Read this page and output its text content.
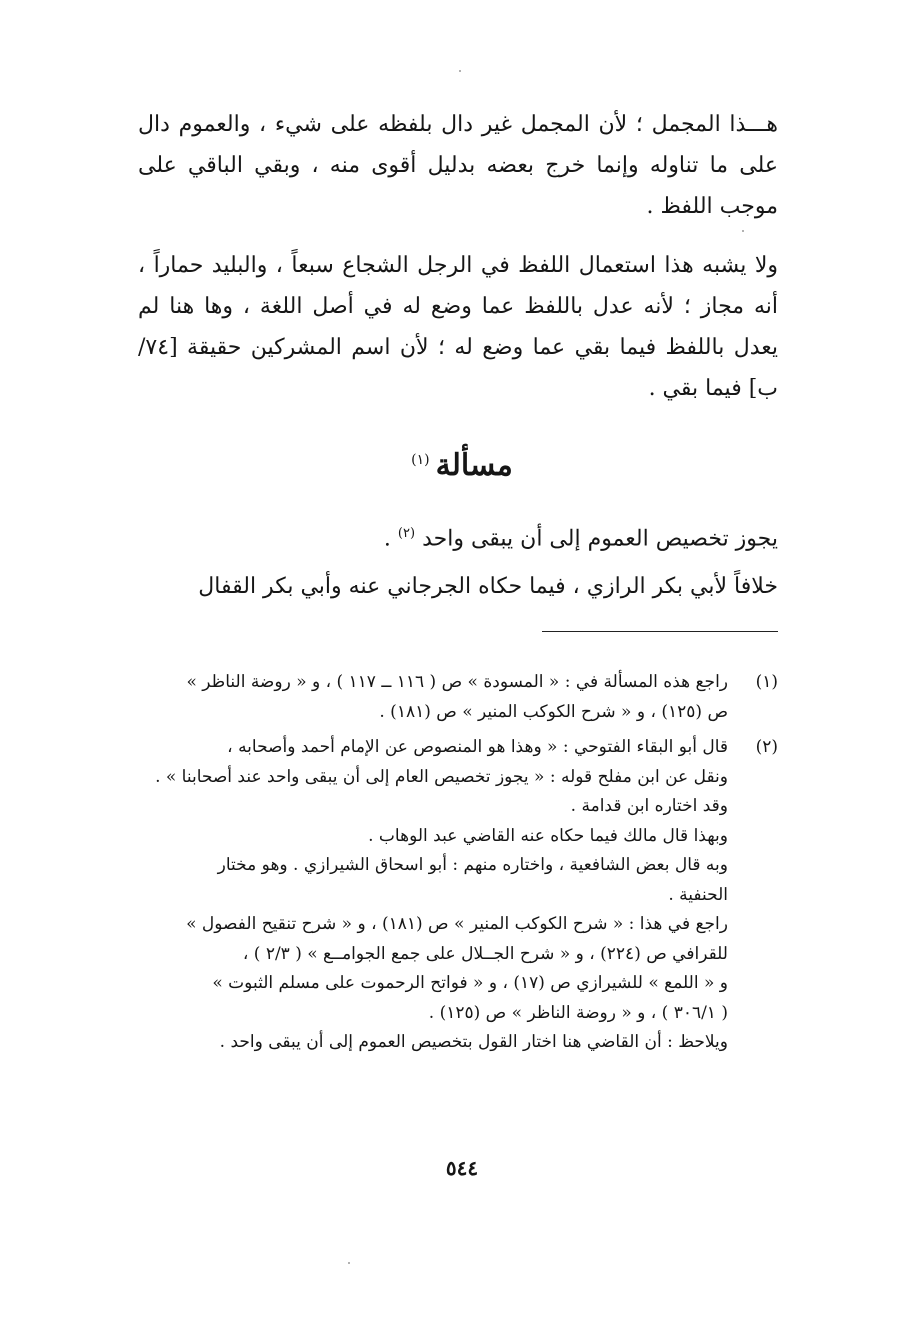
هـــذا المجمل ؛ لأن المجمل غير دال بلفظه على شيء ، والعموم دال على ما تناوله وإنما خرج بعضه بدليل أقوى منه ، وبقي الباقي على موجب اللفظ .

ولا يشبه هذا استعمال اللفظ في الرجل الشجاع سبعاً ، والبليد حماراً ، أنه مجاز ؛ لأنه عدل باللفظ عما وضع له في أصل اللغة ، وها هنا لم يعدل باللفظ فيما بقي عما وضع له ؛ لأن اسم المشركين حقيقة [٧٤/ب] فيما بقي .

مسألة$^{(١)}$

يجوز تخصيص العموم إلى أن يبقى واحد $^{(٢)}$ .

خلافاً لأبي بكر الرازي ، فيما حكاه الجرجاني عنه وأبي بكر القفال

(١)
راجع هذه المسألة في : « المسودة » ص ( ١١٦ ــ ١١٧ ) ، و « روضة الناظر »
ص (١٢٥) ، و « شرح الكوكب المنير » ص (١٨١) .
(٢)
قال أبو البقاء الفتوحي : « وهذا هو المنصوص عن الإمام أحمد وأصحابه ،
ونقل عن ابن مفلح قوله : « يجوز تخصيص العام إلى أن يبقى واحد عند أصحابنا » .
وقد اختاره ابن قدامة .
وبهذا قال مالك فيما حكاه عنه القاضي عبد الوهاب .
وبه قال بعض الشافعية ، واختاره منهم : أبو اسحاق الشيرازي . وهو مختار
الحنفية .
راجع في هذا : « شرح الكوكب المنير » ص (١٨١) ، و « شرح تنقيح الفصول »
للقرافي ص (٢٢٤) ، و « شرح الجــلال على جمع الجوامــع » ( ٢/٣ ) ،
و « اللمع » للشيرازي ص (١٧) ، و « فواتح الرحموت على مسلم الثبوت »
( ٣٠٦/١ ) ، و « روضة الناظر » ص (١٢٥) .
ويلاحظ : أن القاضي هنا اختار القول بتخصيص العموم إلى أن يبقى واحد .
٥٤٤
